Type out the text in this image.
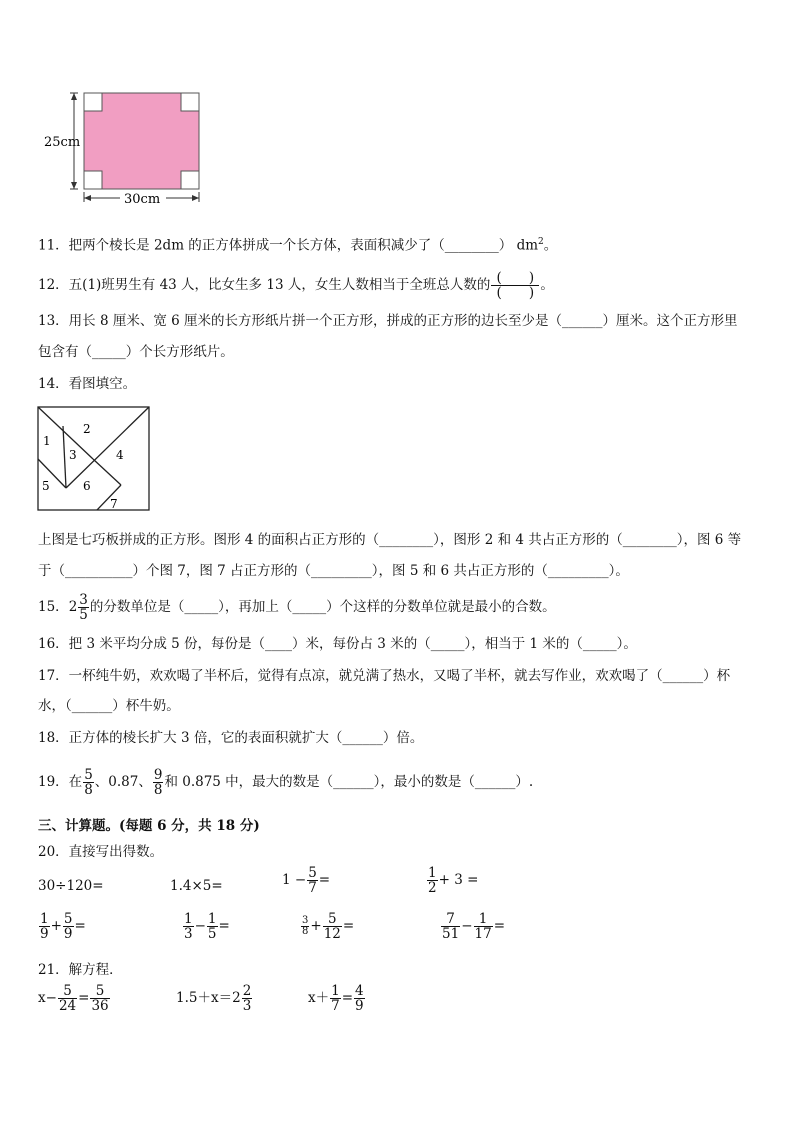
25cm
30cm
11．把两个棱长是 2dm 的正方体拼成一个长方体，表面积减少了（________） $dm^2$。
12．五(1)班男生有 43 人，比女生多 13 人，女生人数相当于全班总人数的 $\frac{( )}{( )}$ 。
13．用长 8 厘米、宽 6 厘米的长方形纸片拼一个正方形，拼成的正方形的边长至少是（______）厘米。这个正方形里
包含有（_____）个长方形纸片。
14．看图填空。
1
2
3	4
5	6
7
上图是七巧板拼成的正方形。图形 4 的面积占正方形的（________），图形 2 和 4 共占正方形的（________），图 6 等
于（__________）个图 7，图 7 占正方形的（_________），图 5 和 6 共占正方形的（_________）。
15．$2 \frac{3}{5}$ 的分数单位是（_____），再加上（_____）个这样的分数单位就是最小的合数。
16．把 3 米平均分成 5 份，每份是（____）米，每份占 3 米的（_____），相当于 1 米的（_____）。
17．一杯纯牛奶，欢欢喝了半杯后，觉得有点凉，就兑满了热水，又喝了半杯，就去写作业，欢欢喝了（______）杯
水，（______）杯牛奶。
18．正方体的棱长扩大 3 倍，它的表面积就扩大（______）倍。
19．在 $\frac{5}{8}$ 、0.87、 $\frac{9}{8}$ 和 0.875 中，最大的数是（______），最小的数是（______）.
三、计算题。(每题 6 分，共 18 分)
20．直接写出得数。
30÷120=	1.4×5=	$1 - \frac{5}{7}$ =	$\frac{1}{2} + 3$ =
$\frac{1}{9} + \frac{5}{9}$ =	$\frac{1}{3} - \frac{1}{5}$ =	$\frac{3}{8} + \frac{5}{12}$ =	$\frac{7}{51} - \frac{1}{17}$ =
21．解方程．
$x- \frac{5}{24} = \frac{5}{36}$	$1.5+x=2 \frac{2}{3}$	$x+ \frac{1}{7} = \frac{4}{9}$
